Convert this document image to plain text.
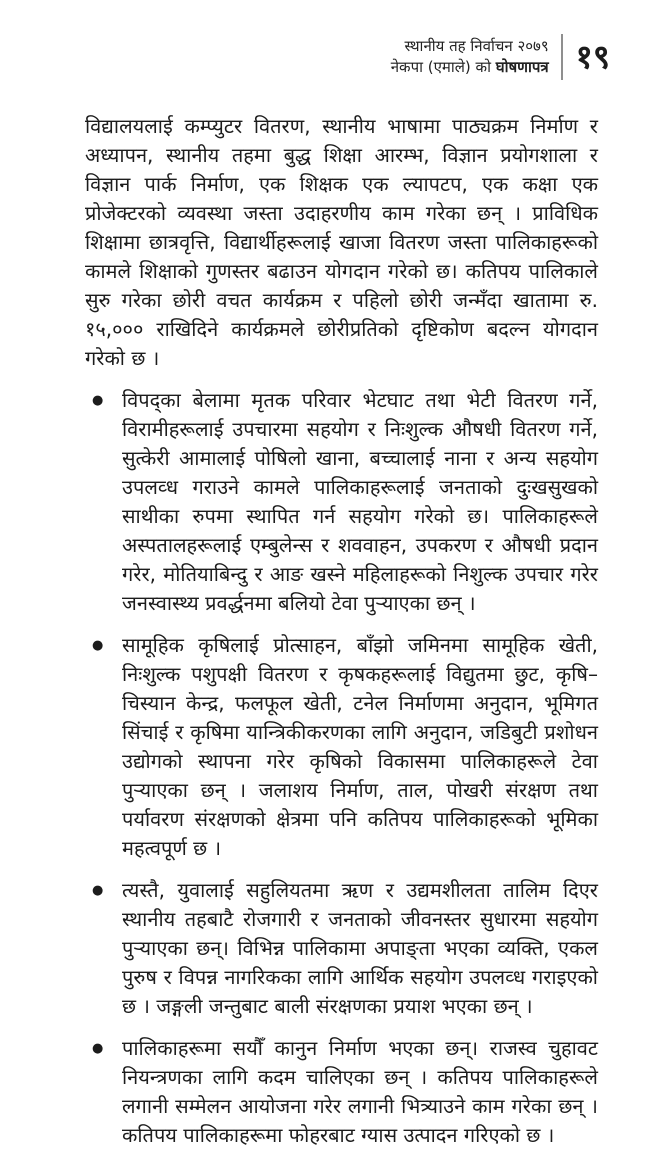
स्थानीय तह निर्वाचन २०७९
नेकपा (एमाले) को घोषणापत्र १९

विद्यालयलाई कम्प्युटर वितरण, स्थानीय भाषामा पाठ्यक्रम निर्माण र अध्यापन, स्थानीय तहमा बुद्ध शिक्षा आरम्भ, विज्ञान प्रयोगशाला र विज्ञान पार्क निर्माण, एक शिक्षक एक ल्यापटप, एक कक्षा एक प्रोजेक्टरको व्यवस्था जस्ता उदाहरणीय काम गरेका छन् । प्राविधिक शिक्षामा छात्रवृत्ति, विद्यार्थीहरूलाई खाजा वितरण जस्ता पालिकाहरूको कामले शिक्षाको गुणस्तर बढाउन योगदान गरेको छ। कतिपय पालिकाले सुरु गरेका छोरी वचत कार्यक्रम र पहिलो छोरी जन्मँदा खातामा रु. १५,००० राखिदिने कार्यक्रमले छोरीप्रतिको दृष्टिकोण बदल्न योगदान गरेको छ ।

● विपद्का बेलामा मृतक परिवार भेटघाट तथा भेटी वितरण गर्ने, विरामीहरूलाई उपचारमा सहयोग र निःशुल्क औषधी वितरण गर्ने, सुत्केरी आमालाई पोषिलो खाना, बच्चालाई नाना र अन्य सहयोग उपलव्ध गराउने कामले पालिकाहरूलाई जनताको दुःखसुखको साथीका रुपमा स्थापित गर्न सहयोग गरेको छ। पालिकाहरूले अस्पतालहरूलाई एम्बुलेन्स र शववाहन, उपकरण र औषधी प्रदान गरेर, मोतियाबिन्दु र आङ खस्ने महिलाहरूको निशुल्क उपचार गरेर जनस्वास्थ्य प्रवर्द्धनमा बलियो टेवा पुऱ्याएका छन् ।

● सामूहिक कृषिलाई प्रोत्साहन, बाँझो जमिनमा सामूहिक खेती, निःशुल्क पशुपक्षी वितरण र कृषकहरूलाई विद्युतमा छुट, कृषि–चिस्यान केन्द्र, फलफूल खेती, टनेल निर्माणमा अनुदान, भूमिगत सिंचाई र कृषिमा यान्त्रिकीकरणका लागि अनुदान, जडिबुटी प्रशोधन उद्योगको स्थापना गरेर कृषिको विकासमा पालिकाहरूले टेवा पुऱ्याएका छन् । जलाशय निर्माण, ताल, पोखरी संरक्षण तथा पर्यावरण संरक्षणको क्षेत्रमा पनि कतिपय पालिकाहरूको भूमिका महत्वपूर्ण छ ।

● त्यस्तै, युवालाई सहुलियतमा ऋण र उद्यमशीलता तालिम दिएर स्थानीय तहबाटै रोजगारी र जनताको जीवनस्तर सुधारमा सहयोग पुऱ्याएका छन्। विभिन्न पालिकामा अपाङ्ता भएका व्यक्ति, एकल पुरुष र विपन्न नागरिकका लागि आर्थिक सहयोग उपलव्ध गराइएको छ । जङ्गली जन्तुबाट बाली संरक्षणका प्रयाश भएका छन् ।

● पालिकाहरूमा सयौँ कानुन निर्माण भएका छन्। राजस्व चुहावट नियन्त्रणका लागि कदम चालिएका छन् । कतिपय पालिकाहरूले लगानी सम्मेलन आयोजना गरेर लगानी भित्र्याउने काम गरेका छन् । कतिपय पालिकाहरूमा फोहरबाट ग्यास उत्पादन गरिएको छ ।
